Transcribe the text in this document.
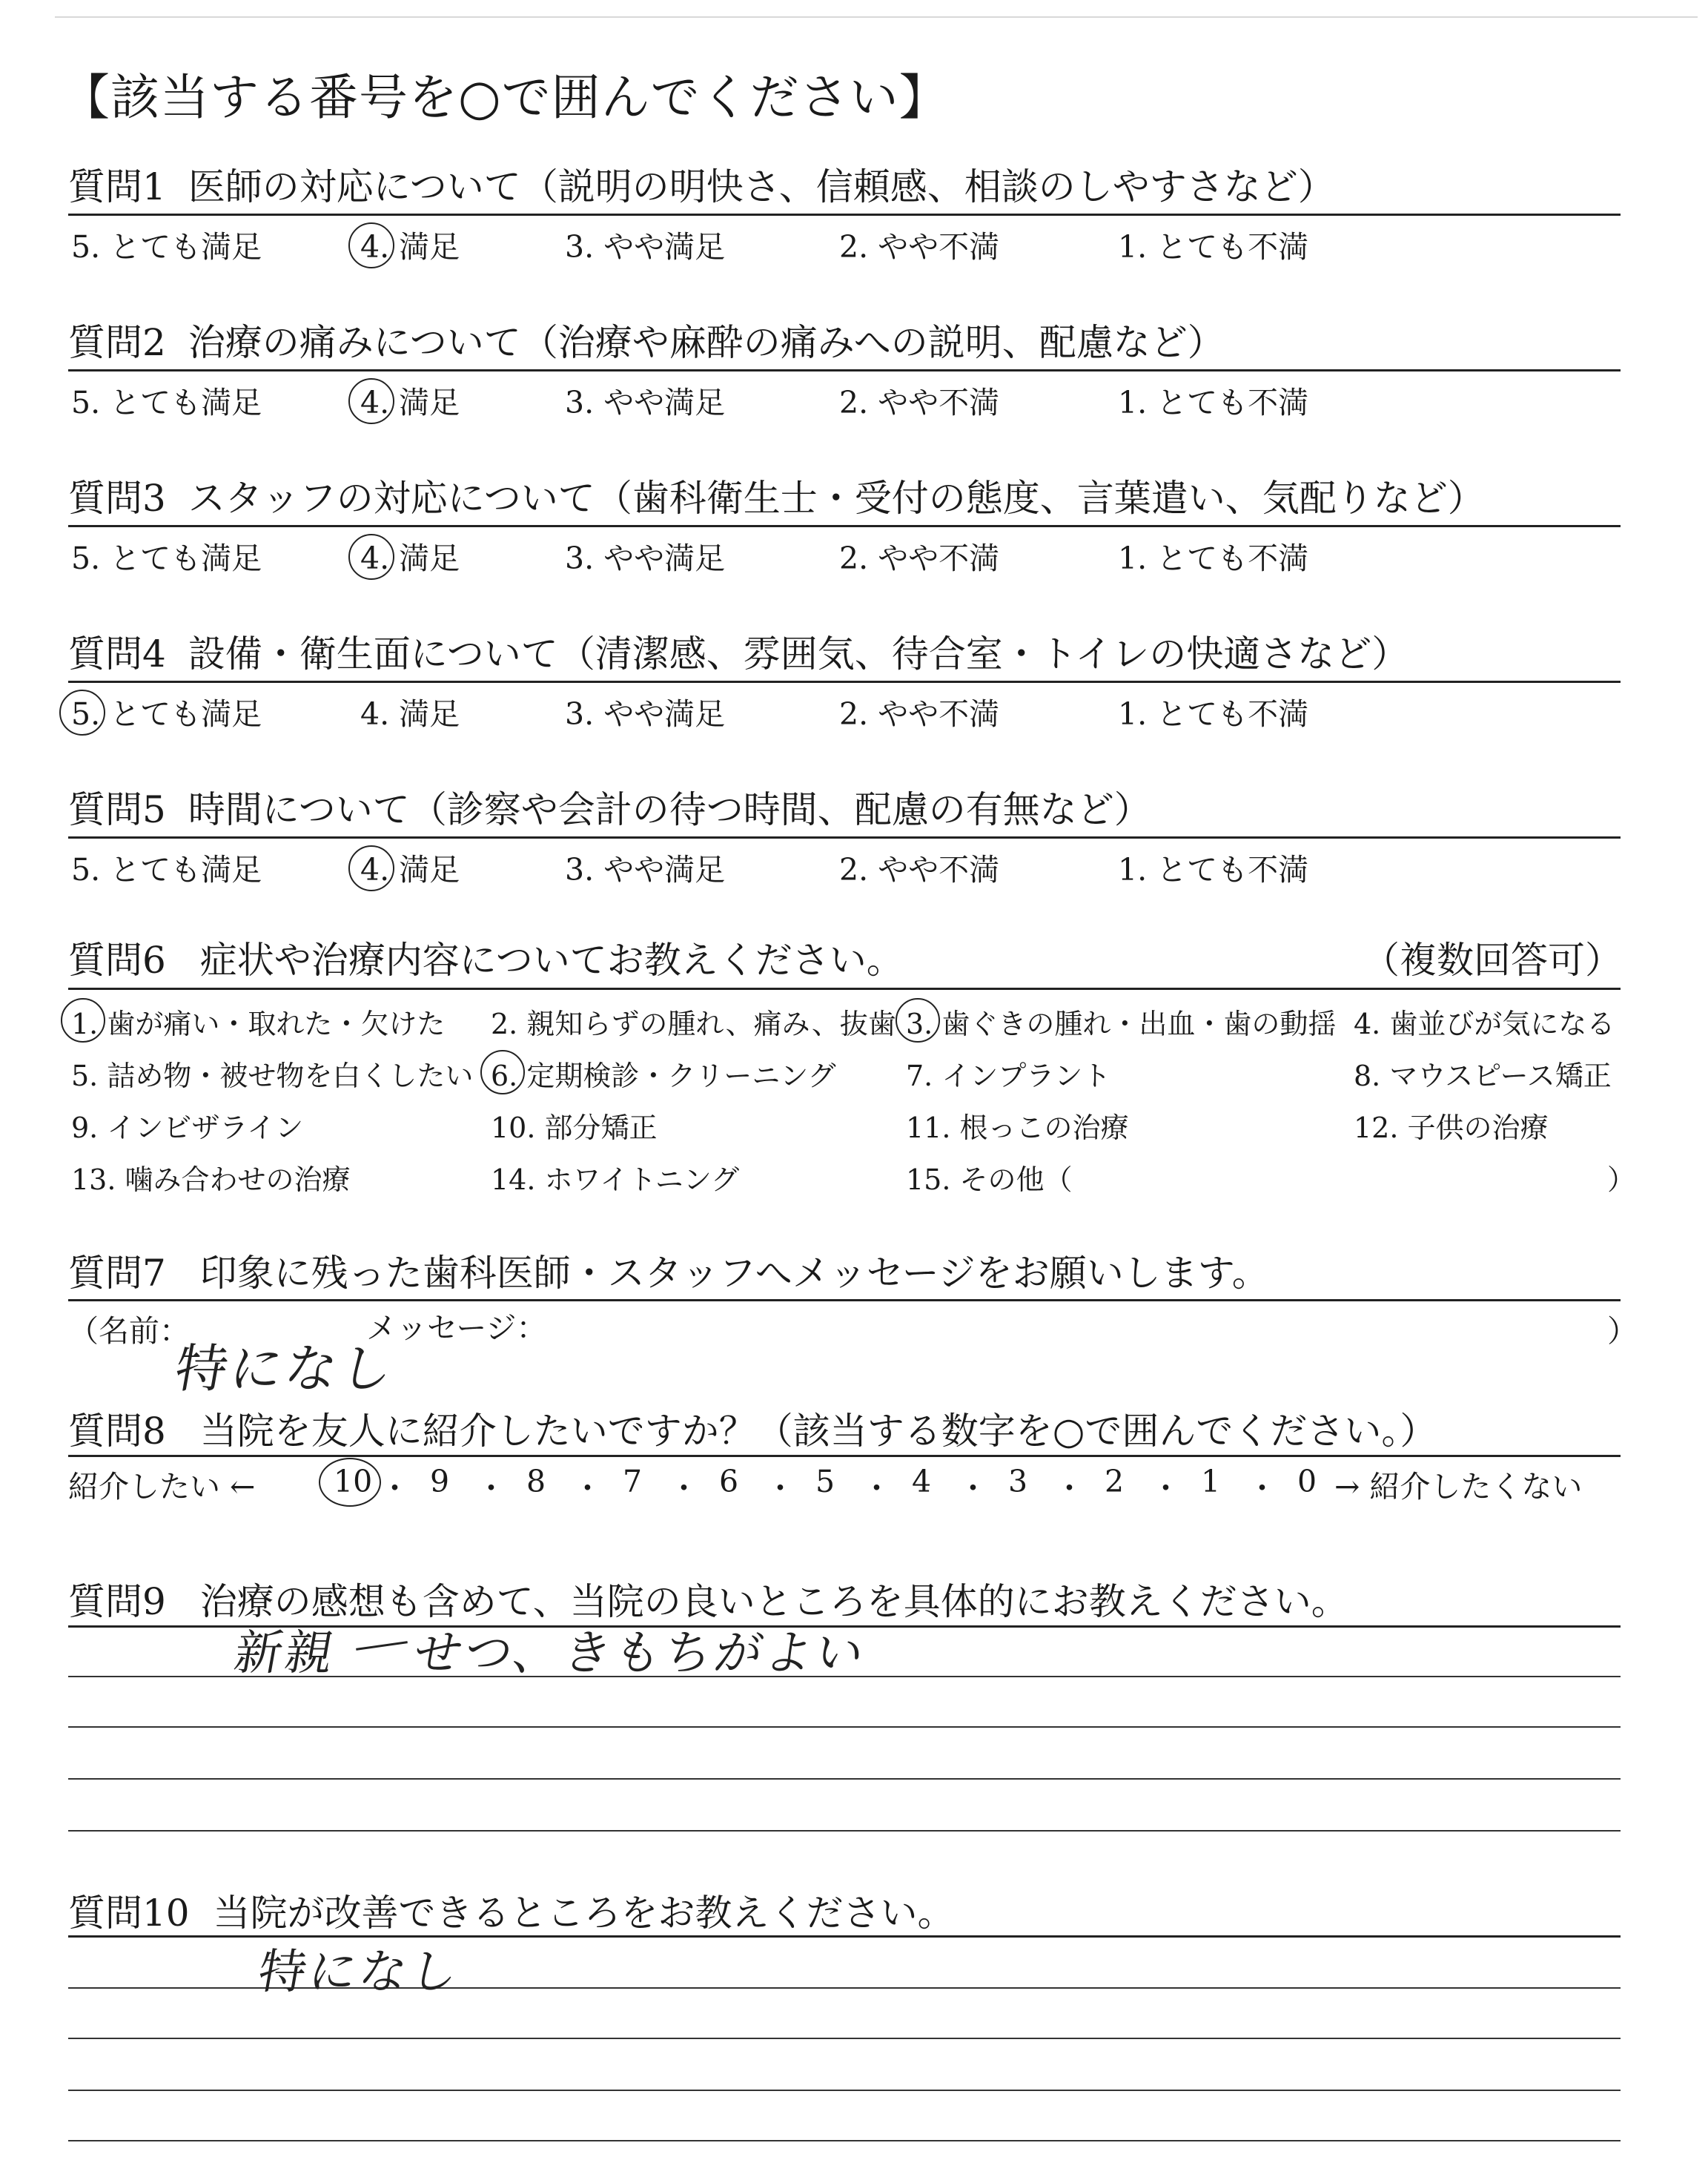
【該当する番号を○で囲んでください】
質問1 医師の対応について（説明の明快さ、信頼感、相談のしやすさなど）
5. とても満足	4. 満足	3. やや満足	2. やや不満	1. とても不満
質問2 治療の痛みについて（治療や麻酔の痛みへの説明、配慮など）
5. とても満足	4. 満足	3. やや満足	2. やや不満	1. とても不満
質問3 スタッフの対応について（歯科衛生士・受付の態度、言葉遣い、気配りなど）
5. とても満足	4. 満足	3. やや満足	2. やや不満	1. とても不満
質問4 設備・衛生面について（清潔感、雰囲気、待合室・トイレの快適さなど）
5. とても満足	4. 満足	3. やや満足	2. やや不満	1. とても不満
質問5 時間について（診察や会計の待つ時間、配慮の有無など）
5. とても満足	4. 満足	3. やや満足	2. やや不満	1. とても不満
質問6 症状や治療内容についてお教えください。	（複数回答可）
1. 歯が痛い・取れた・欠けた 2. 親知らずの腫れ、痛み、抜歯 3. 歯ぐきの腫れ・出血・歯の動揺 4. 歯並びが気になる
5. 詰め物・被せ物を白くしたい 6. 定期検診・クリーニング 7. インプラント	8. マウスピース矯正
9. インビザライン	10. 部分矯正	11. 根っこの治療	12. 子供の治療
13. 噛み合わせの治療	14. ホワイトニング	15. その他（	）
質問7 印象に残った歯科医師・スタッフへメッセージをお願いします。
（名前：	メッセージ：	）
特になし
質問8 当院を友人に紹介したいですか？（該当する数字を○で囲んでください。）
紹介したい ←	→ 紹介したくない
10 ・ 9 ・ 8 ・ 7 ・ 6 ・ 5 ・ 4 ・ 3 ・ 2 ・ 1 ・ 0
質問9 治療の感想も含めて、当院の良いところを具体的にお教えください。
新親 せつ、きもちがよい
質問10 当院が改善できるところをお教えください。
特になし
